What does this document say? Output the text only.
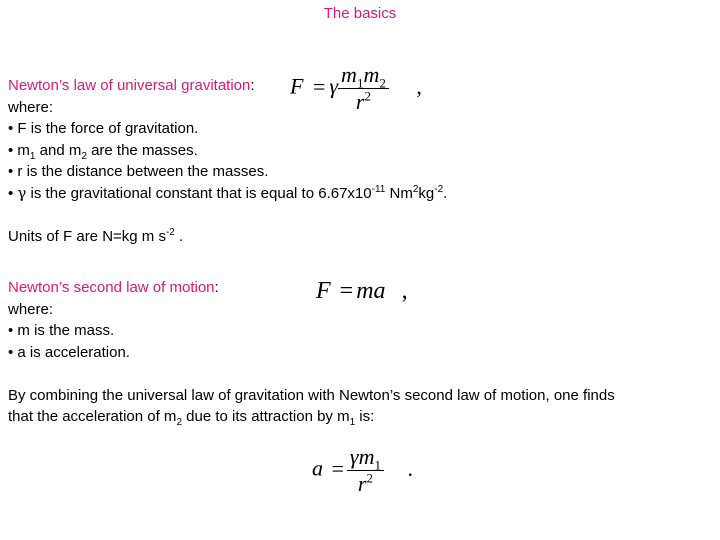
The basics
Newton’s law of universal gravitation:
where:
• F is the force of gravitation.
• $m_1$ and $m_2$ are the masses.
• r is the distance between the masses.
• γ is the gravitational constant that is equal to $6.67x10^{-11}$ $Nm^2kg^{-2}$.
Units of F are N=kg m $s^{-2}$ .
F = γ $\frac{m_1m_2}{r^2}$ ,
Newton’s second law of motion:
where:
• m is the mass.
• a is acceleration.
By combining the universal law of gravitation with Newton’s second law of motion, one finds
that the acceleration of $m_2$ due to its attraction by $m_1$ is:
F = ma ,
$a = \frac{\gamma m_1}{r^2}$ .
